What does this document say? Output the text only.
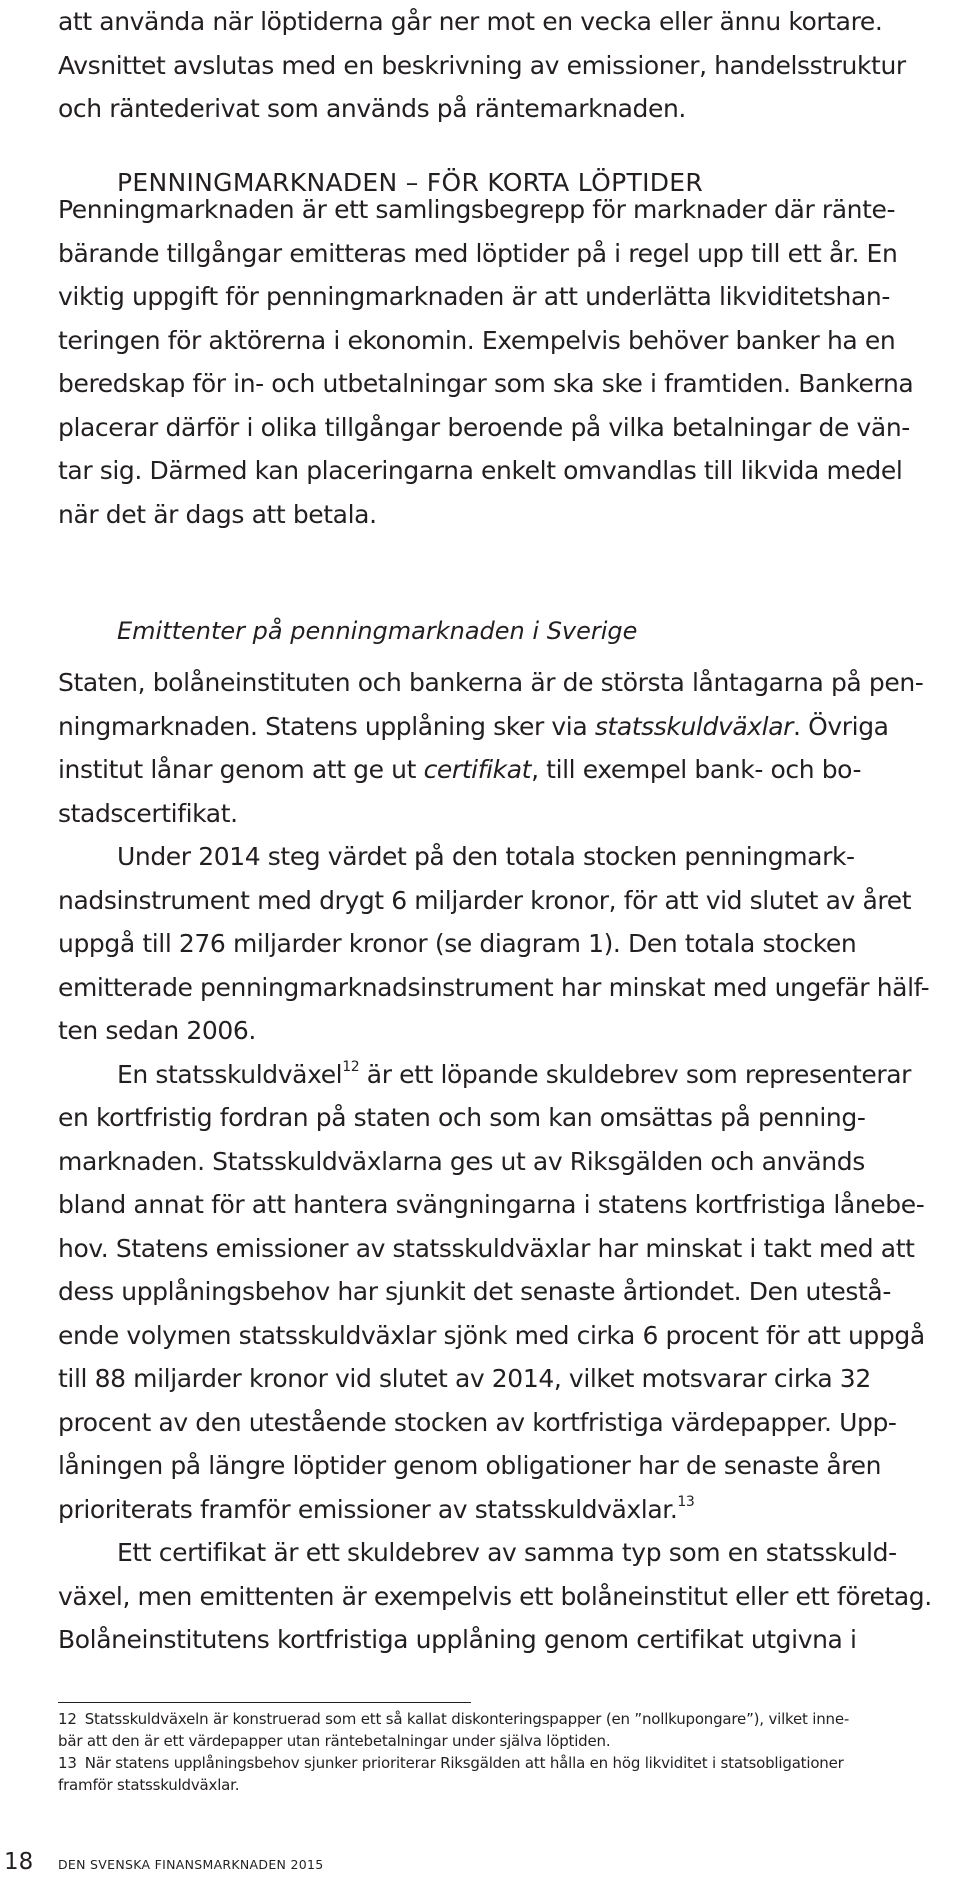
att använda när löptiderna går ner mot en vecka eller ännu kortare.
Avsnittet avslutas med en beskrivning av emissioner, handelsstruktur
och räntederivat som används på räntemarknaden.

PENNINGMARKNADEN – FÖR KORTA LÖPTIDER

Penningmarknaden är ett samlingsbegrepp för marknader där ränte-
bärande tillgångar emitteras med löptider på i regel upp till ett år. En
viktig uppgift för penningmarknaden är att underlätta likviditetshan-
teringen för aktörerna i ekonomin. Exempelvis behöver banker ha en
beredskap för in- och utbetalningar som ska ske i framtiden. Bankerna
placerar därför i olika tillgångar beroende på vilka betalningar de vän-
tar sig. Därmed kan placeringarna enkelt omvandlas till likvida medel
när det är dags att betala.

Emittenter på penningmarknaden i Sverige

Staten, bolåneinstituten och bankerna är de största låntagarna på pen-
ningmarknaden. Statens upplåning sker via statsskuldväxlar. Övriga
institut lånar genom att ge ut certifikat, till exempel bank- och bo-
stadscertifikat.

Under 2014 steg värdet på den totala stocken penningmark-
nadsinstrument med drygt 6 miljarder kronor, för att vid slutet av året
uppgå till 276 miljarder kronor (se diagram 1). Den totala stocken
emitterade penningmarknadsinstrument har minskat med ungefär hälf-
ten sedan 2006.

En statsskuldväxel$^{12}$ är ett löpande skuldebrev som representerar
en kortfristig fordran på staten och som kan omsättas på penning-
marknaden. Statsskuldväxlarna ges ut av Riksgälden och används
bland annat för att hantera svängningarna i statens kortfristiga lånebe-
hov. Statens emissioner av statsskuldväxlar har minskat i takt med att
dess upplåningsbehov har sjunkit det senaste årtiondet. Den utestå-
ende volymen statsskuldväxlar sjönk med cirka 6 procent för att uppgå
till 88 miljarder kronor vid slutet av 2014, vilket motsvarar cirka 32
procent av den utestående stocken av kortfristiga värdepapper. Upp-
låningen på längre löptider genom obligationer har de senaste åren
prioriterats framför emissioner av statsskuldväxlar.$^{13}$

Ett certifikat är ett skuldebrev av samma typ som en statsskuld-
växel, men emittenten är exempelvis ett bolåneinstitut eller ett företag.
Bolåneinstitutens kortfristiga upplåning genom certifikat utgivna i

12 Statsskuldväxeln är konstruerad som ett så kallat diskonteringspapper (en ”nollkupongare”), vilket inne-
bär att den är ett värdepapper utan räntebetalningar under själva löptiden.

13 När statens upplåningsbehov sjunker prioriterar Riksgälden att hålla en hög likviditet i statsobligationer
framför statsskuldväxlar.

18 DEN SVENSKA FINANSMARKNADEN 2015
